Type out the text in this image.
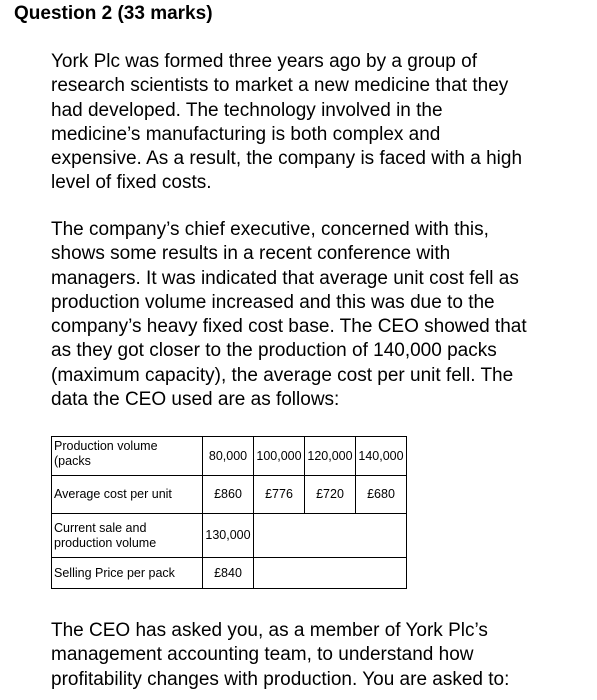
Question 2 (33 marks)
York Plc was formed three years ago by a group of
research scientists to market a new medicine that they
had developed. The technology involved in the
medicine’s manufacturing is both complex and
expensive. As a result, the company is faced with a high
level of fixed costs.
The company’s chief executive, concerned with this,
shows some results in a recent conference with
managers. It was indicated that average unit cost fell as
production volume increased and this was due to the
company’s heavy fixed cost base. The CEO showed that
as they got closer to the production of 140,000 packs
(maximum capacity), the average cost per unit fell. The
data the CEO used are as follows:
Production volume
(packs	80,000	100,000	120,000	140,000
Average cost per unit	£860	£776	£720	£680
Current sale and
production volume	130,000			
Selling Price per pack	£840			
The CEO has asked you, as a member of York Plc’s
management accounting team, to understand how
profitability changes with production. You are asked to:
